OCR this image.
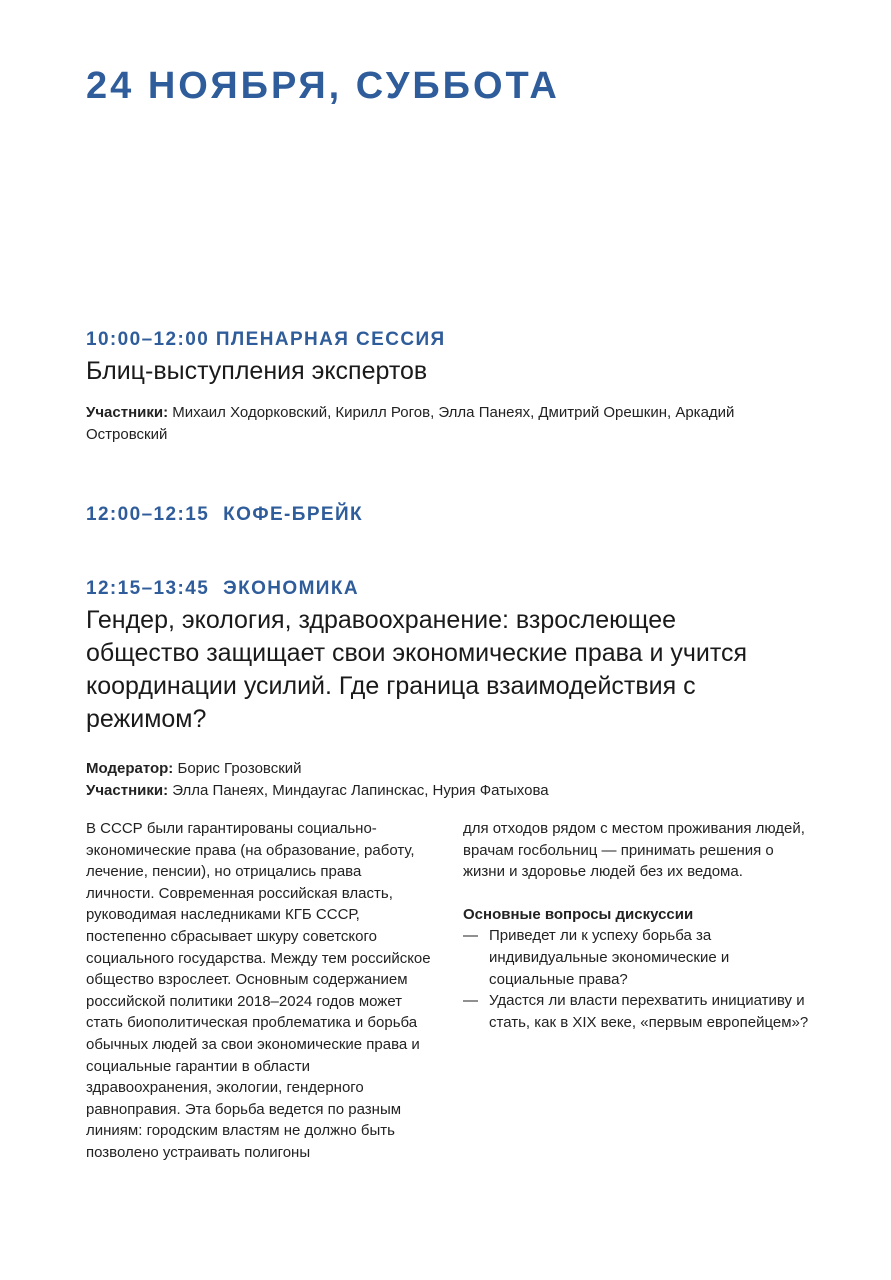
24 НОЯБРЯ, СУББОТА
10:00–12:00 ПЛЕНАРНАЯ СЕССИЯ
Блиц-выступления экспертов
Участники: Михаил Ходорковский, Кирилл Рогов, Элла Панеях, Дмитрий Орешкин, Аркадий Островский
12:00–12:15 КОФЕ-БРЕЙК
12:15–13:45 ЭКОНОМИКА
Гендер, экология, здравоохранение: взрослеющее общество защищает свои экономические права и учится координации усилий. Где граница взаимодействия с режимом?
Модератор: Борис Грозовский
Участники: Элла Панеях, Миндаугас Лапинскас, Нурия Фатыхова

В СССР были гарантированы социально-экономические права (на образование, работу, лечение, пенсии), но отрицались права личности. Современная российская власть, руководимая наследниками КГБ СССР, постепенно сбрасывает шкуру советского социального государства. Между тем российское общество взрослеет. Основным содержанием российской политики 2018–2024 годов может стать биополитическая проблематика и борьба обычных людей за свои экономические права и социальные гарантии в области здравоохранения, экологии, гендерного равноправия. Эта борьба ведется по разным линиям: городским властям не должно быть позволено устраивать полигоны

для отходов рядом с местом проживания людей, врачам госбольниц — принимать решения о жизни и здоровье людей без их ведома.

Основные вопросы дискуссии
— Приведет ли к успеху борьба за индивидуальные экономические и социальные права?
— Удастся ли власти перехватить инициативу и стать, как в XIX веке, «первым европейцем»?
